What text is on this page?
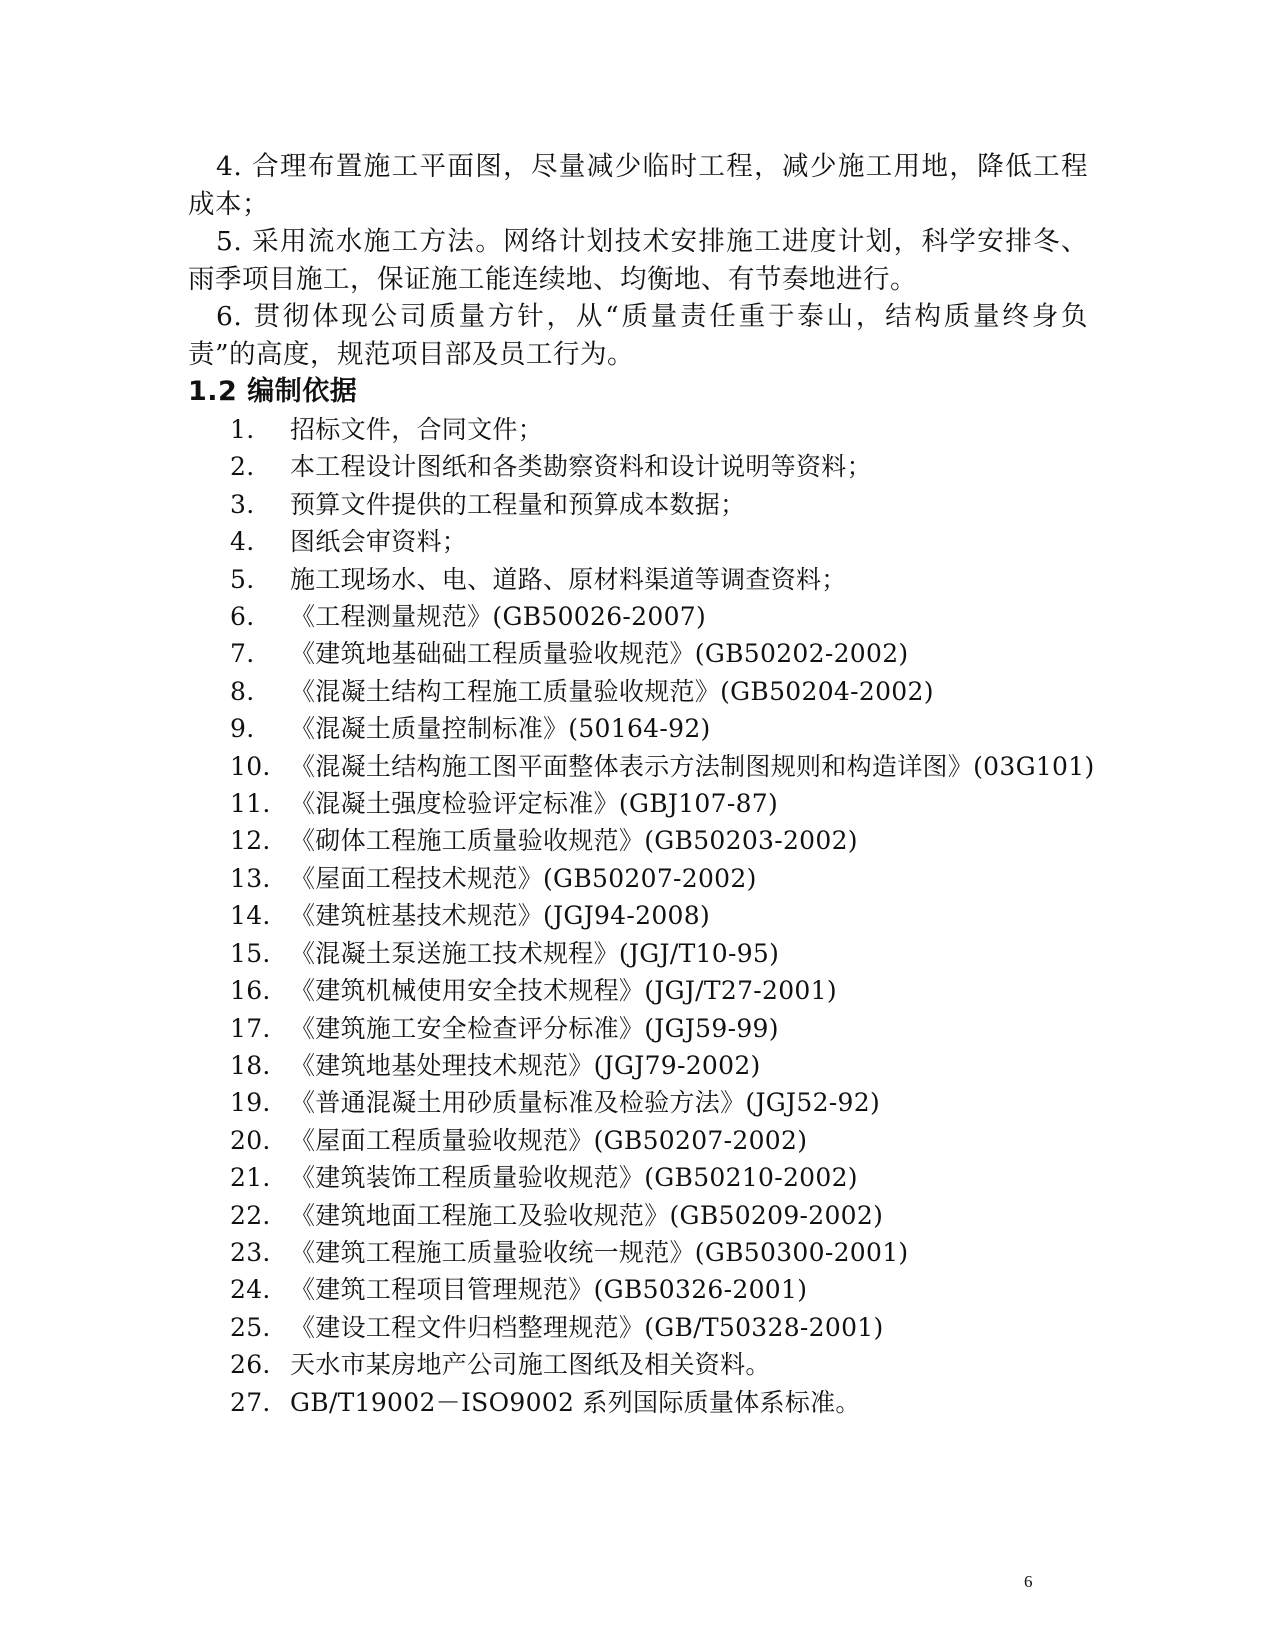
4. 合理布置施工平面图，尽量减少临时工程，减少施工用地，降低工程成本；

5. 采用流水施工方法。网络计划技术安排施工进度计划，科学安排冬、雨季项目施工，保证施工能连续地、均衡地、有节奏地进行。

6. 贯彻体现公司质量方针，从“质量责任重于泰山，结构质量终身负责”的高度，规范项目部及员工行为。

1.2 编制依据
1.	招标文件，合同文件；
2.	本工程设计图纸和各类勘察资料和设计说明等资料；
3.	预算文件提供的工程量和预算成本数据；
4.	图纸会审资料；
5.	施工现场水、电、道路、原材料渠道等调查资料；
6.	《工程测量规范》(GB50026-2007)
7.	《建筑地基础础工程质量验收规范》(GB50202-2002)
8.	《混凝土结构工程施工质量验收规范》(GB50204-2002)
9.	《混凝土质量控制标准》(50164-92)
10. 《混凝土结构施工图平面整体表示方法制图规则和构造详图》(03G101)
11. 《混凝土强度检验评定标准》(GBJ107-87)
12. 《砌体工程施工质量验收规范》(GB50203-2002)
13. 《屋面工程技术规范》(GB50207-2002)
14. 《建筑桩基技术规范》(JGJ94-2008)
15. 《混凝土泵送施工技术规程》(JGJ/T10-95)
16. 《建筑机械使用安全技术规程》(JGJ/T27-2001)
17. 《建筑施工安全检查评分标准》(JGJ59-99)
18. 《建筑地基处理技术规范》(JGJ79-2002)
19. 《普通混凝土用砂质量标准及检验方法》(JGJ52-92)
20. 《屋面工程质量验收规范》(GB50207-2002)
21. 《建筑装饰工程质量验收规范》(GB50210-2002)
22. 《建筑地面工程施工及验收规范》(GB50209-2002)
23. 《建筑工程施工质量验收统一规范》(GB50300-2001)
24. 《建筑工程项目管理规范》(GB50326-2001)
25. 《建设工程文件归档整理规范》(GB/T50328-2001)
26. 天水市某房地产公司施工图纸及相关资料。
27. GB/T19002－ISO9002 系列国际质量体系标准。
6
